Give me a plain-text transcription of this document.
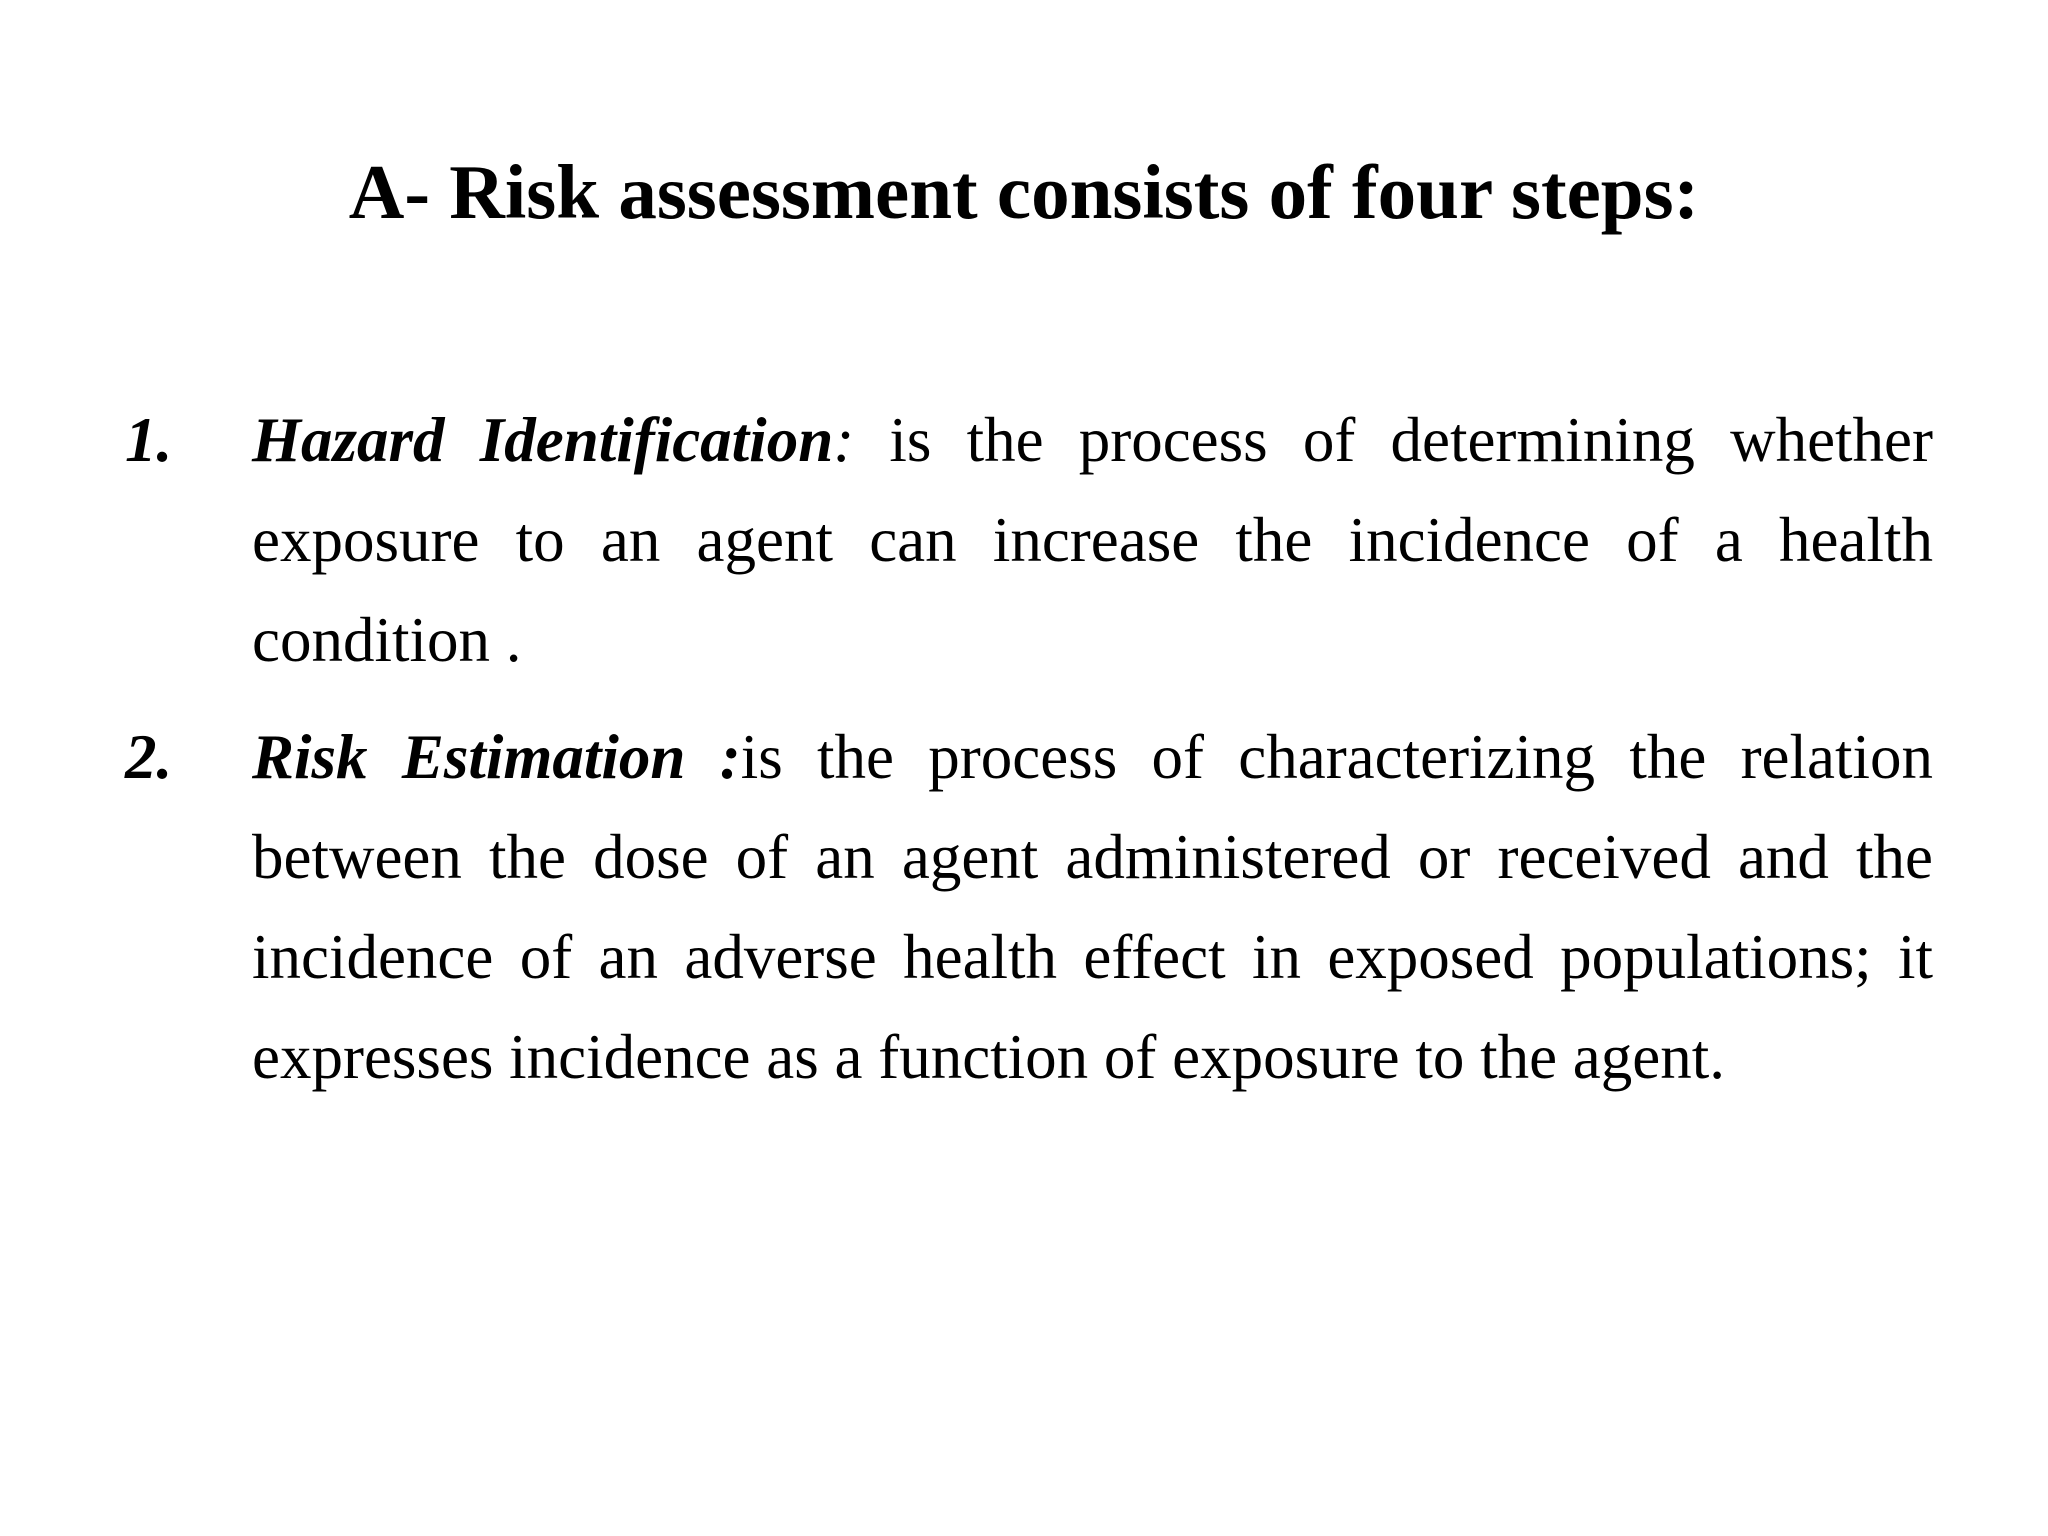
A- Risk assessment consists of four steps:
1. Hazard Identification: is the process of determining whether exposure to an agent can increase the incidence of a health condition .
2. Risk Estimation :is the process of characterizing the relation between the dose of an agent administered or received and the incidence of an adverse health effect in exposed populations; it expresses incidence as a function of exposure to the agent.
